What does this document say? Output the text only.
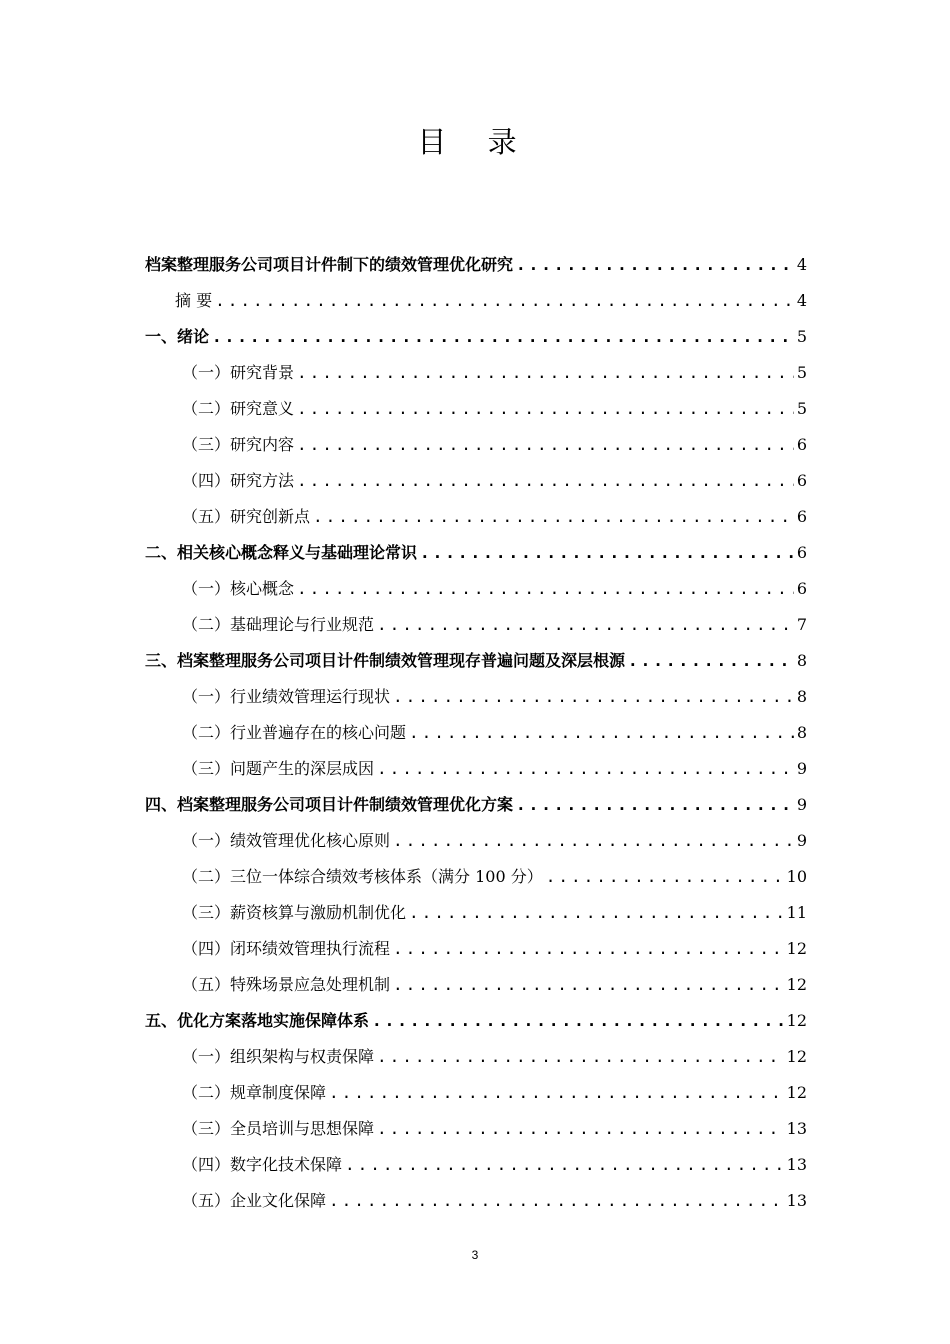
目 录
档案整理服务公司项目计件制下的绩效管理优化研究 .....	4
摘 要 .....	4
一、绪论 .....	5
（一）研究背景 .....	5
（二）研究意义 .....	5
（三）研究内容 .....	6
（四）研究方法 .....	6
（五）研究创新点 .....	6
二、相关核心概念释义与基础理论常识 .....	6
（一）核心概念 .....	6
（二）基础理论与行业规范 .....	7
三、档案整理服务公司项目计件制绩效管理现存普遍问题及深层根源 .....	8
（一）行业绩效管理运行现状 .....	8
（二）行业普遍存在的核心问题 .....	8
（三）问题产生的深层成因 .....	9
四、档案整理服务公司项目计件制绩效管理优化方案 .....	9
（一）绩效管理优化核心原则 .....	9
（二）三位一体综合绩效考核体系（满分 100 分） .....	10
（三）薪资核算与激励机制优化 .....	11
（四）闭环绩效管理执行流程 .....	12
（五）特殊场景应急处理机制 .....	12
五、优化方案落地实施保障体系 .....	12
（一）组织架构与权责保障 .....	12
（二）规章制度保障 .....	12
（三）全员培训与思想保障 .....	13
（四）数字化技术保障 .....	13
（五）企业文化保障 .....	13
3
